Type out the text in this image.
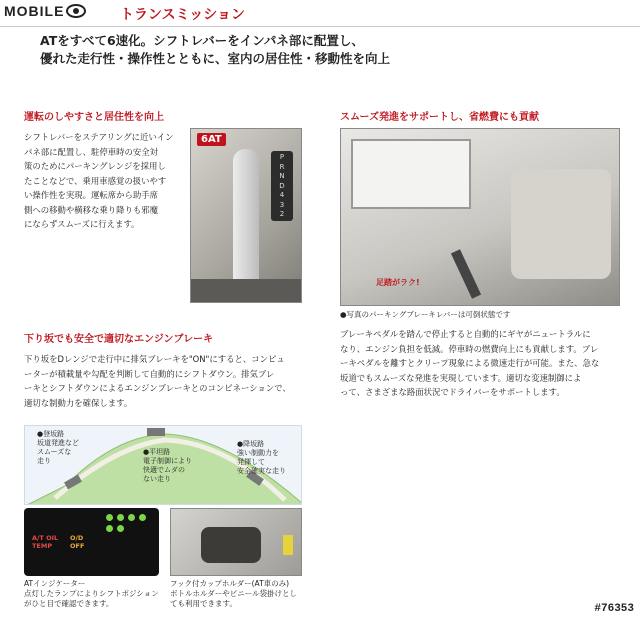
MOBILE	トランスミッション
ATをすべて6速化。シフトレバーをインパネ部に配置し、
優れた走行性・操作性とともに、室内の居住性・移動性を向上
運転のしやすさと居住性を向上
シフトレバーをステアリングに近いイン
パネ部に配置し、駐停車時の安全対
策のためにパーキングレンジを採用し
たことなどで、乗用車感覚の扱いやす
い操作性を実現。運転席から助手席
側への移動や横移な乗り降りも邪魔
にならずスムーズに行えます。
6AT
P
R
N
D
4
3
2
スムーズ発進をサポートし、省燃費にも貢献
足踏がラク!
●写真のパーキングブレーキレバーは可倒状態です
ブレーキペダルを踏んで停止すると自動的にギヤがニュートラルに
なり、エンジン負担を低減。停車時の燃費向上にも貢献します。ブレ
ーキペダルを離すとクリープ現象による微速走行が可能。また、急な
坂道でもスムーズな発進を実現しています。適切な変速制御によ
って、さまざまな路面状況でドライバーをサポートします。
下り坂でも安全で適切なエンジンブレーキ
下り坂をDレンジで走行中に排気ブレーキを"ON"にすると、コンピュ
ーターが積載量や勾配を判断して自動的にシフトダウン。排気ブレ
ーキとシフトダウンによるエンジンブレーキとのコンビネーションで、
適切な制動力を確保します。
●登坂路
坂道発進など
スムーズな
走り
●平坦路
電子制御により
快適でムダの
ない走り
●降坂路
強い制動力を
発揮して
安全確実な走り
A/T OIL TEMP
O/D OFF
ATインジケーター
点灯したランプによりシフトポジション
がひと目で確認できます。
フック付カップホルダー(AT車のみ)
ボトルホルダーやビニール袋掛けとし
ても利用できます。	#76353
